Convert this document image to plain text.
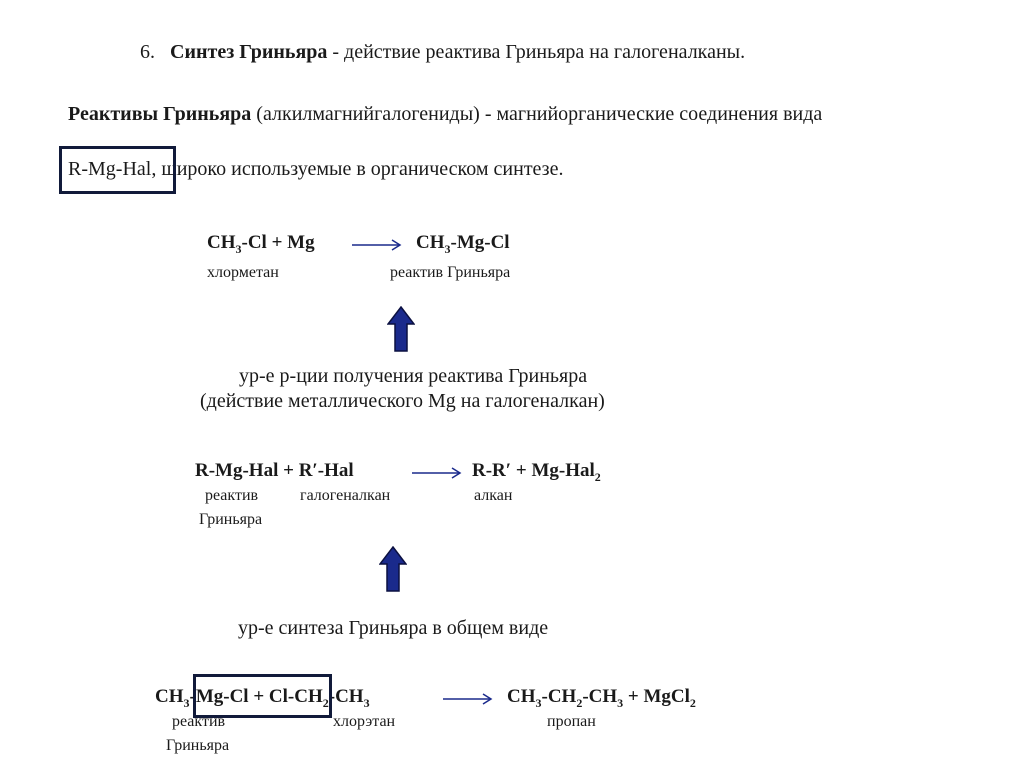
6. Синтез Гриньяра - действие реактива Гриньяра на галогеналканы.
Реактивы Гриньяра (алкилмагнийгалогениды) - магнийорганические соединения вида
R-Mg-Hal, широко используемые в органическом синтезе.
$CH_3-Cl + Mg$	$CH_3-Mg-Cl$
хлорметан	реактив Гриньяра
ур-е р-ции получения реактива Гриньяра
(действие металлического Mg на галогеналкан)
R-Mg-Hal + R′-Hal	R-R′ + Mg-Hal$_2$
реактив
Гриньяра
галогеналкан	алкан
ур-е синтеза Гриньяра в общем виде
$CH_3-Mg-Cl + Cl-CH_2-CH_3$	$CH_3-CH_2-CH_3$ + MgCl$_2$
реактив
Гриньяра
хлорэтан	пропан
